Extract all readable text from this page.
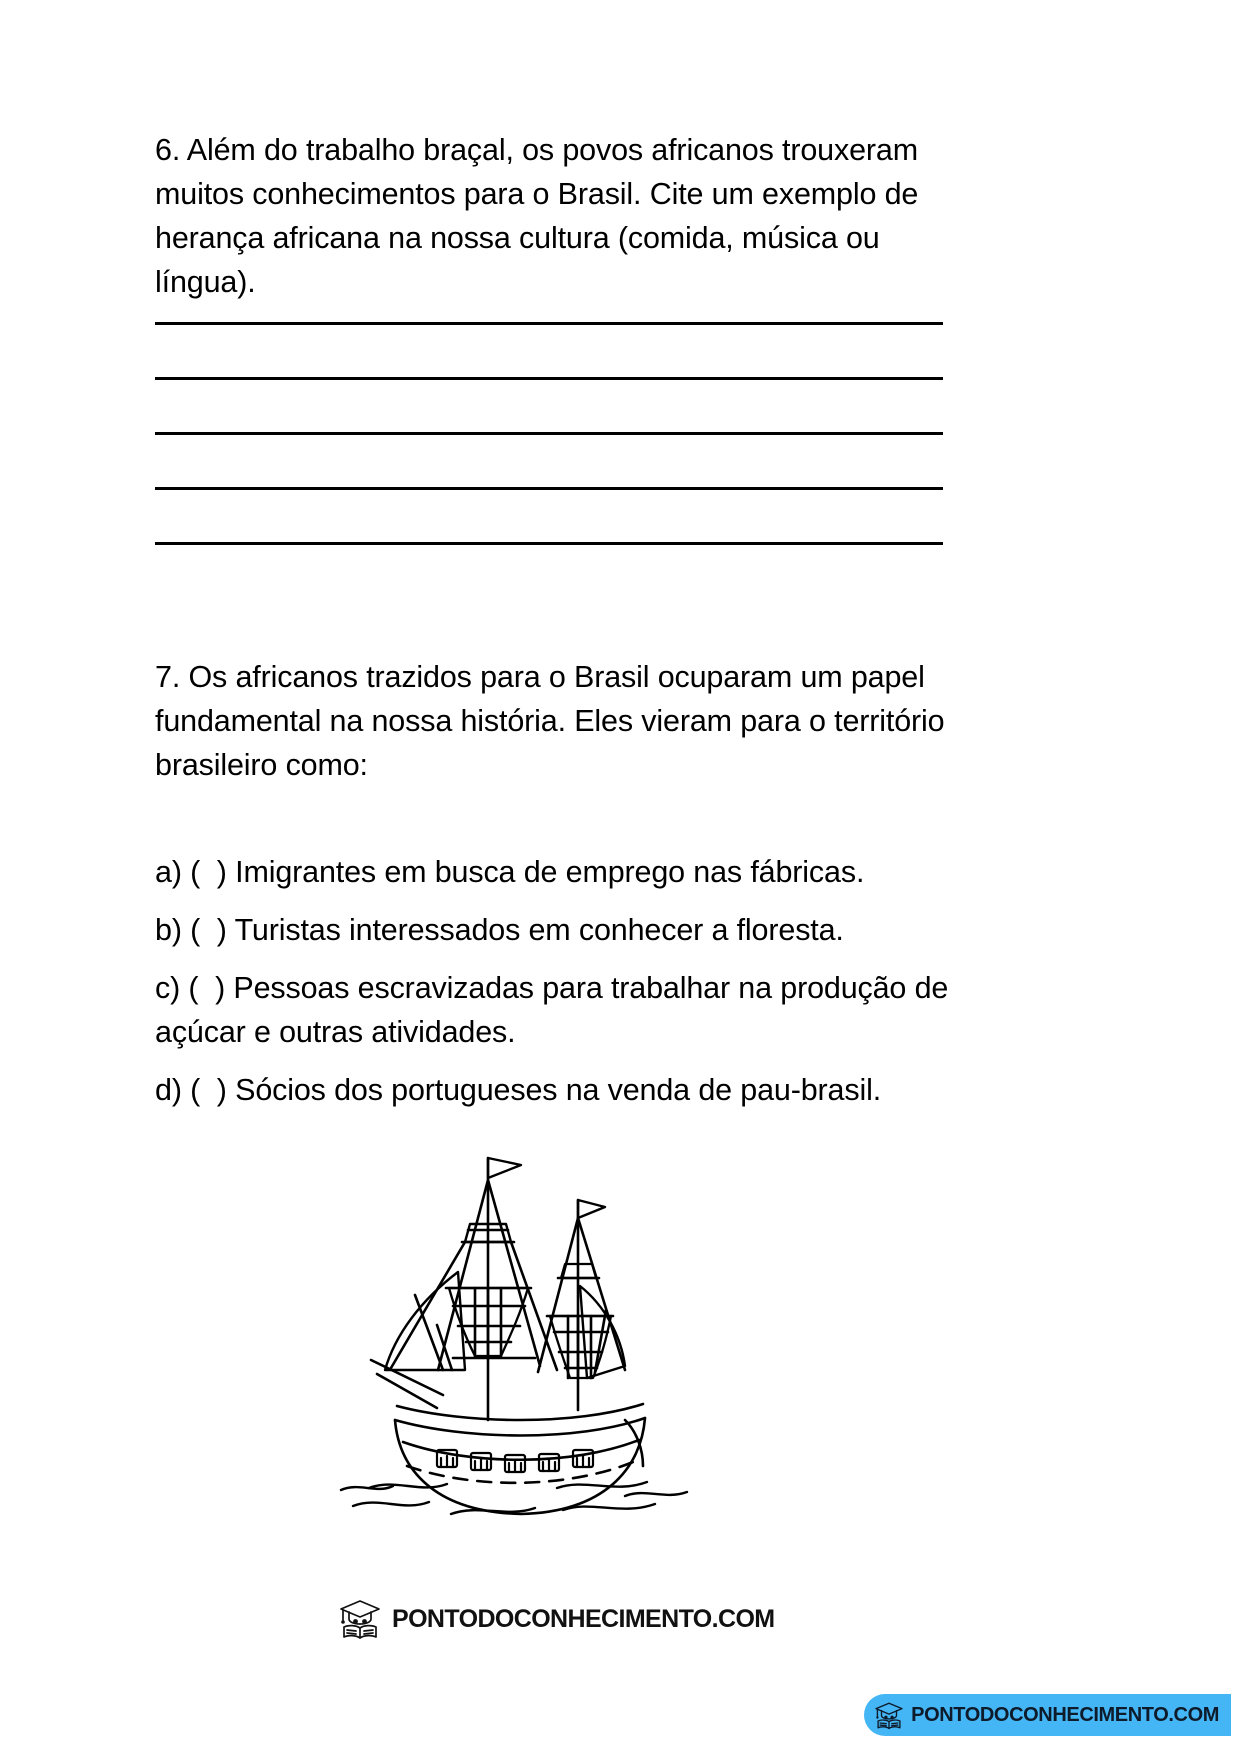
6. Além do trabalho braçal, os povos africanos trouxeram muitos conhecimentos para o Brasil. Cite um exemplo de herança africana na nossa cultura (comida, música ou língua).
7. Os africanos trazidos para o Brasil ocuparam um papel fundamental na nossa história. Eles vieram para o território brasileiro como:
a) (  ) Imigrantes em busca de emprego nas fábricas.
b) (  ) Turistas interessados em conhecer a floresta.
c) (  ) Pessoas escravizadas para trabalhar na produção de açúcar e outras atividades.
d) (  ) Sócios dos portugueses na venda de pau-brasil.
PONTODOCONHECIMENTO.COM
PONTODOCONHECIMENTO.COM
